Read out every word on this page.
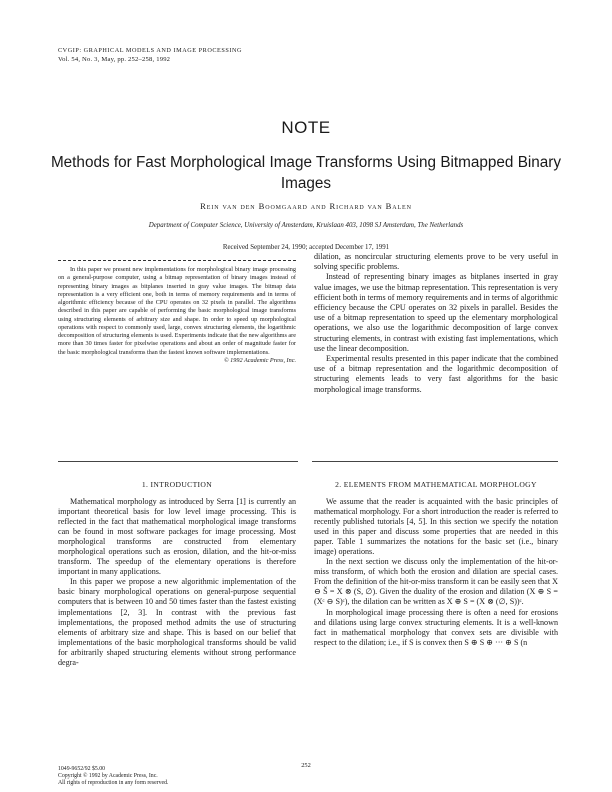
CVGIP: GRAPHICAL MODELS AND IMAGE PROCESSING
Vol. 54, No. 3, May, pp. 252–258, 1992
NOTE
Methods for Fast Morphological Image Transforms Using Bitmapped Binary Images
Rein van den Boomgaard and Richard van Balen
Department of Computer Science, University of Amsterdam, Kruislaan 403, 1098 SJ Amsterdam, The Netherlands
Received September 24, 1990; accepted December 17, 1991

In this paper we present new implementations for morphological binary image processing on a general-purpose computer, using a bitmap representation of binary images instead of representing binary images as bitplanes inserted in gray value images. The bitmap data representation is a very efficient one, both in terms of memory requirements and in terms of algorithmic efficiency because of the CPU operates on 32 pixels in parallel. The algorithms described in this paper are capable of performing the basic morphological image transforms using structuring elements of arbitrary size and shape. In order to speed up morphological operations with respect to commonly used, large, convex structuring elements, the logarithmic decomposition of structuring elements is used. Experiments indicate that the new algorithms are more than 30 times faster for pixelwise operations and about an order of magnitude faster for the basic morphological transforms than the fastest known software implementations.

© 1992 Academic Press, Inc.

dilation, as noncircular structuring elements prove to be very useful in solving specific problems.

Instead of representing binary images as bitplanes inserted in gray value images, we use the bitmap representation. This representation is very efficient both in terms of memory requirements and in terms of algorithmic efficiency because the CPU operates on 32 pixels in parallel. Besides the use of a bitmap representation to speed up the elementary morphological operations, we also use the logarithmic decomposition of large convex structuring elements, in contrast with existing fast implementations, which use the linear decomposition.

Experimental results presented in this paper indicate that the combined use of a bitmap representation and the logarithmic decomposition of structuring elements leads to very fast algorithms for the basic morphological image transforms.

1. INTRODUCTION	2. ELEMENTS FROM MATHEMATICAL MORPHOLOGY

Mathematical morphology as introduced by Serra [1] is currently an important theoretical basis for low level image processing. This is reflected in the fact that mathematical morphological image transforms can be found in most software packages for image processing. Most morphological transforms are constructed from elementary morphological operations such as erosion, dilation, and the hit-or-miss transform. The speedup of the elementary operations is therefore important in many applications.

In this paper we propose a new algorithmic implementation of the basic binary morphological operations on general-purpose sequential computers that is between 10 and 50 times faster than the fastest existing implementations [2, 3]. In contrast with the previous fast implementations, the proposed method admits the use of structuring elements of arbitrary size and shape. This is based on our belief that implementations of the basic morphological transforms should be valid for arbitrarily shaped structuring elements without strong performance degra-

We assume that the reader is acquainted with the basic principles of mathematical morphology. For a short introduction the reader is referred to recently published tutorials [4, 5]. In this section we specify the notation used in this paper and discuss some properties that are needed in this paper. Table 1 summarizes the notations for the basic set (i.e., binary image) operations.

In the next section we discuss only the implementation of the hit-or-miss transform, of which both the erosion and dilation are special cases. From the definition of the hit-or-miss transform it can be easily seen that X ⊖ Š = X ⊗ (S, ∅). Given the duality of the erosion and dilation (X ⊕ S = (Xᶜ ⊖ S)ᶜ), the dilation can be written as X ⊕ S = (X ⊗ (∅, S))ᶜ.

In morphological image processing there is often a need for erosions and dilations using large convex structuring elements. It is a well-known fact in mathematical morphology that convex sets are divisible with respect to the dilation; i.e., if S is convex then S ⊕ S ⊕ ··· ⊕ S (n

252
1049-9652/92 $5.00
Copyright © 1992 by Academic Press, Inc.
All rights of reproduction in any form reserved.
